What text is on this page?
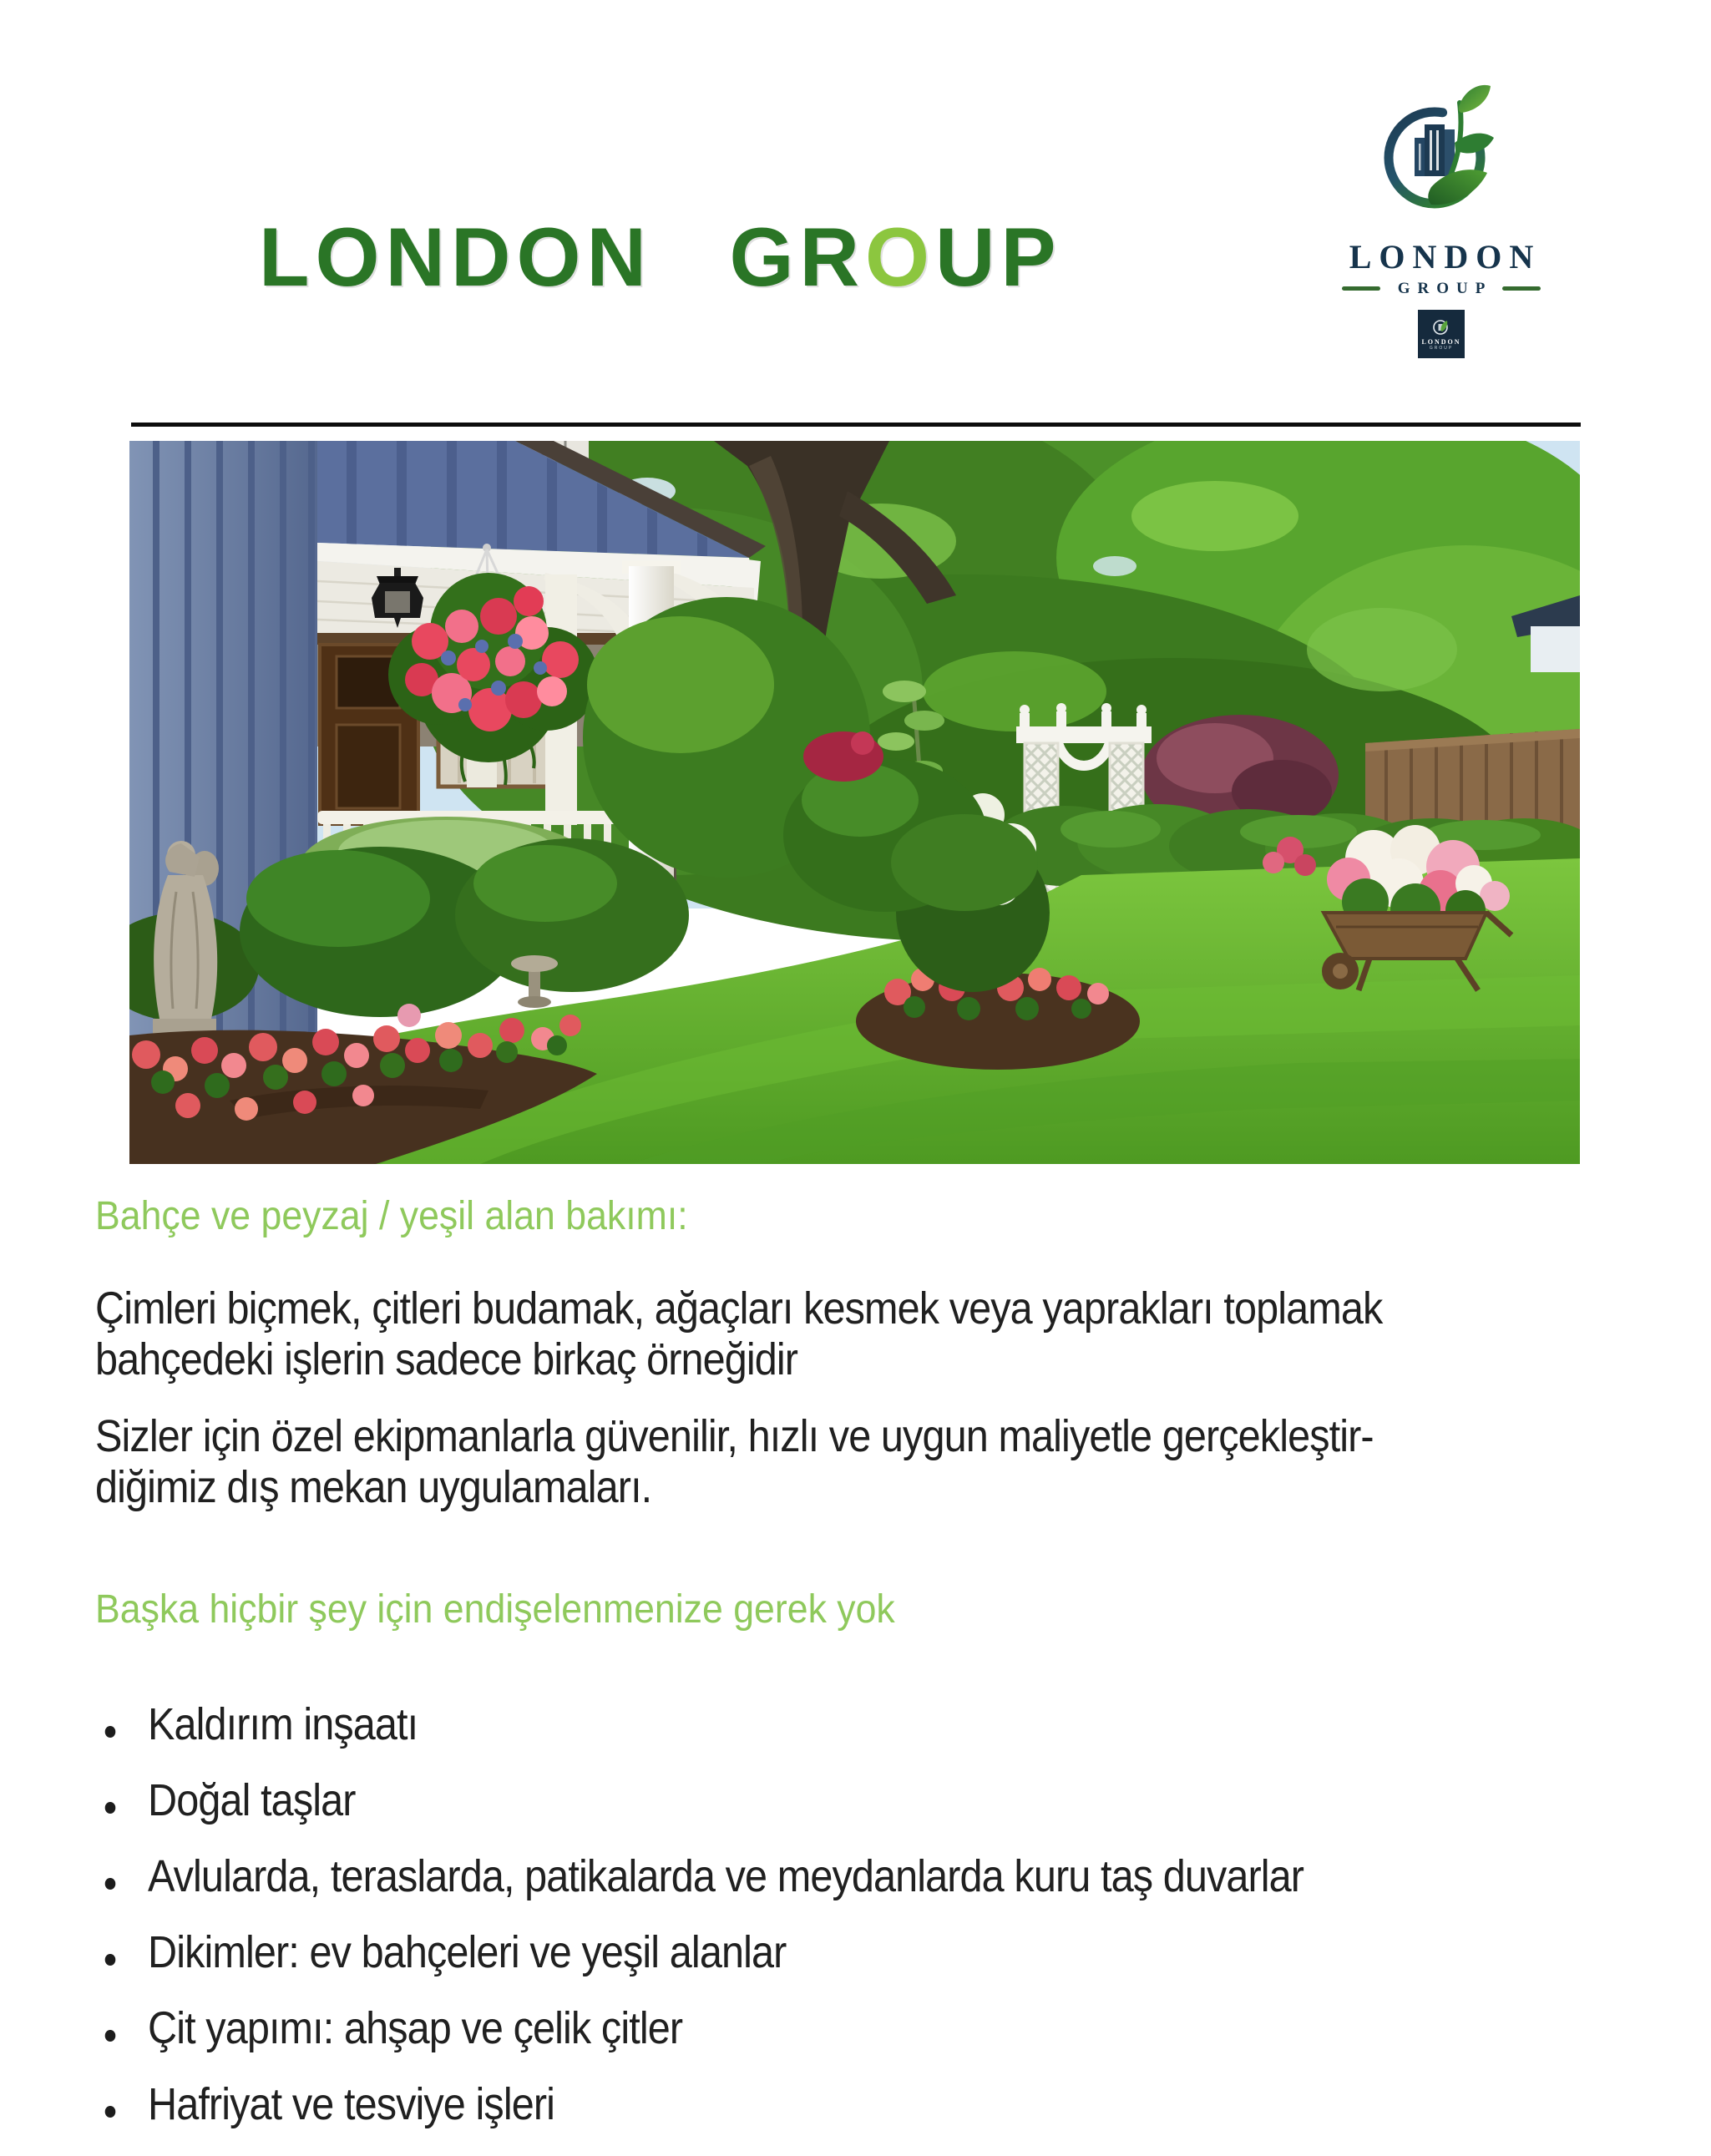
LONDON GROUP	LONDON
GROUP
LONDON
GROUP
Bahçe ve peyzaj / yeşil alan bakımı:

Çimleri biçmek, çitleri budamak, ağaçları kesmek veya yaprakları toplamak
bahçedeki işlerin sadece birkaç örneğidir

Sizler için özel ekipmanlarla güvenilir, hızlı ve uygun maliyetle gerçekleştir-
diğimiz dış mekan uygulamaları.

Başka hiçbir şey için endişelenmenize gerek yok
Kaldırım inşaatı
Doğal taşlar
Avlularda, teraslarda, patikalarda ve meydanlarda kuru taş duvarlar
Dikimler: ev bahçeleri ve yeşil alanlar
Çit yapımı: ahşap ve çelik çitler
Hafriyat ve tesviye işleri
